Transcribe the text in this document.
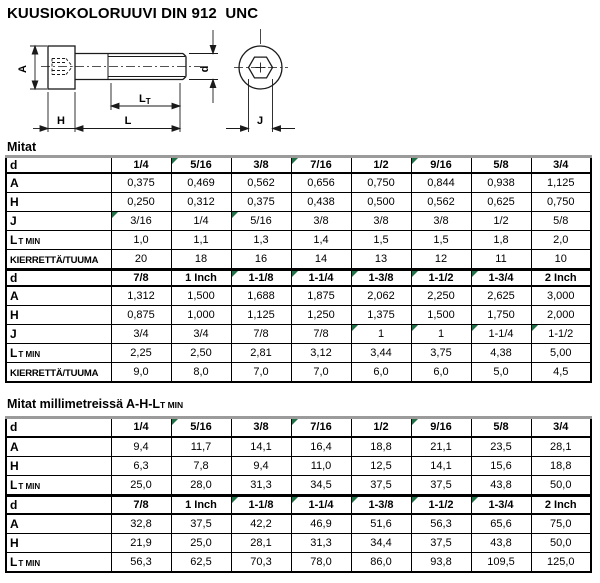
KUUSIOKOLORUUVI DIN 912  UNC
A	d
LT
H	L	J
Mitat
d	1/4	5/16	3/8	7/16	1/2	9/16	5/8	3/4
A	0,375	0,469	0,562	0,656	0,750	0,844	0,938	1,125
H	0,250	0,312	0,375	0,438	0,500	0,562	0,625	0,750
J	3/16	1/4	5/16	3/8	3/8	3/8	1/2	5/8
LT MIN	1,0	1,1	1,3	1,4	1,5	1,5	1,8	2,0
KIERRETTÄ/TUUMA	20	18	16	14	13	12	11	10
d	7/8	1 Inch	1-1/8	1-1/4	1-3/8	1-1/2	1-3/4	2 Inch
A	1,312	1,500	1,688	1,875	2,062	2,250	2,625	3,000
H	0,875	1,000	1,125	1,250	1,375	1,500	1,750	2,000
J	3/4	3/4	7/8	7/8	1	1	1-1/4	1-1/2

LT MIN	2,25	2,50	2,81	3,12	3,44	3,75	4,38	5,00
KIERRETTÄ/TUUMA	9,0	8,0	7,0	7,0	6,0	6,0	5,0	4,5
Mitat millimetreissä A-H-LT MIN
d	1/4	5/16	3/8	7/16	1/2	9/16	5/8	3/4
A	9,4	11,7	14,1	16,4	18,8	21,1	23,5	28,1
H	6,3	7,8	9,4	11,0	12,5	14,1	15,6	18,8
LT MIN	25,0	28,0	31,3	34,5	37,5	37,5	43,8	50,0
d	7/8	1 Inch	1-1/8	1-1/4	1-3/8	1-1/2	1-3/4	2 Inch
A	32,8	37,5	42,2	46,9	51,6	56,3	65,6	75,0
H	21,9	25,0	28,1	31,3	34,4	37,5	43,8	50,0
LT MIN	56,3	62,5	70,3	78,0	86,0	93,8	109,5	125,0
